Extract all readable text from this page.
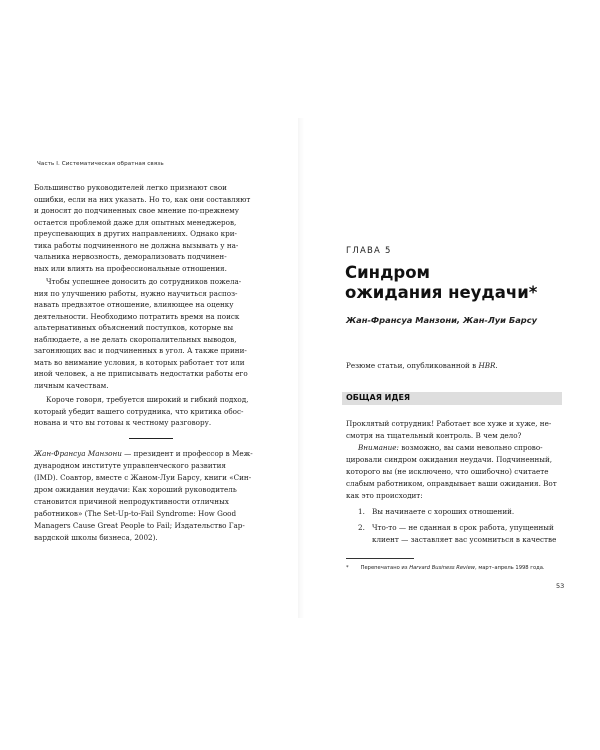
Часть I. Систематическая обратная связь

Большинство руководителей легко признают свои
ошибки, если на них указать. Но то, как они составляют
и доносят до подчиненных свое мнение по-прежнему
остается проблемой даже для опытных менеджеров,
преуспевающих в других направлениях. Однако кри-
тика работы подчиненного не должна вызывать у на-
чальника нервозность, деморализовать подчинен-
ных или влиять на профессиональные отношения.

Чтобы успешнее доносить до сотрудников пожела-
ния по улучшению работы, нужно научиться распоз-
навать предвзятое отношение, влияющее на оценку
деятельности. Необходимо потратить время на поиск
альтернативных объяснений поступков, которые вы
наблюдаете, а не делать скоропалительных выводов,
загоняющих вас и подчиненных в угол. А также прини-
мать во внимание условия, в которых работает тот или
иной человек, а не приписывать недостатки работы его
личным качествам.

Короче говоря, требуется широкий и гибкий подход,
который убедит вашего сотрудника, что критика обос-
нована и что вы готовы к честному разговору.

Жан-Франсуа Манзони — президент и профессор в Меж-
дународном институте управленческого развития
(IMD). Соавтор, вместе с Жаном-Луи Барсу, книги «Син-
дром ожидания неудачи: Как хороший руководитель
становится причиной непродуктивности отличных
работников» (The Set-Up-to-Fail Syndrome: How Good
Managers Cause Great People to Fail; Издательство Гар-
вардской школы бизнеса, 2002).

ГЛАВА 5
Синдром
ожидания неудачи*
Жан-Франсуа Манзони, Жан-Луи Барсу
Резюме статьи, опубликованной в HBR.
ОБЩАЯ ИДЕЯ

Проклятый сотрудник! Работает все хуже и хуже, не-
смотря на тщательный контроль. В чем дело?

Внимание: возможно, вы сами невольно спрово-
цировали синдром ожидания неудачи. Подчиненный,
которого вы (не исключено, что ошибочно) считаете
слабым работником, оправдывает ваши ожидания. Вот
как это происходит:

1. Вы начинаете с хороших отношений.
2. Что-то — не сданная в срок работа, упущенный
клиент — заставляет вас усомниться в качестве
* Перепечатано из Harvard Business Review, март–апрель 1998 года.
53
